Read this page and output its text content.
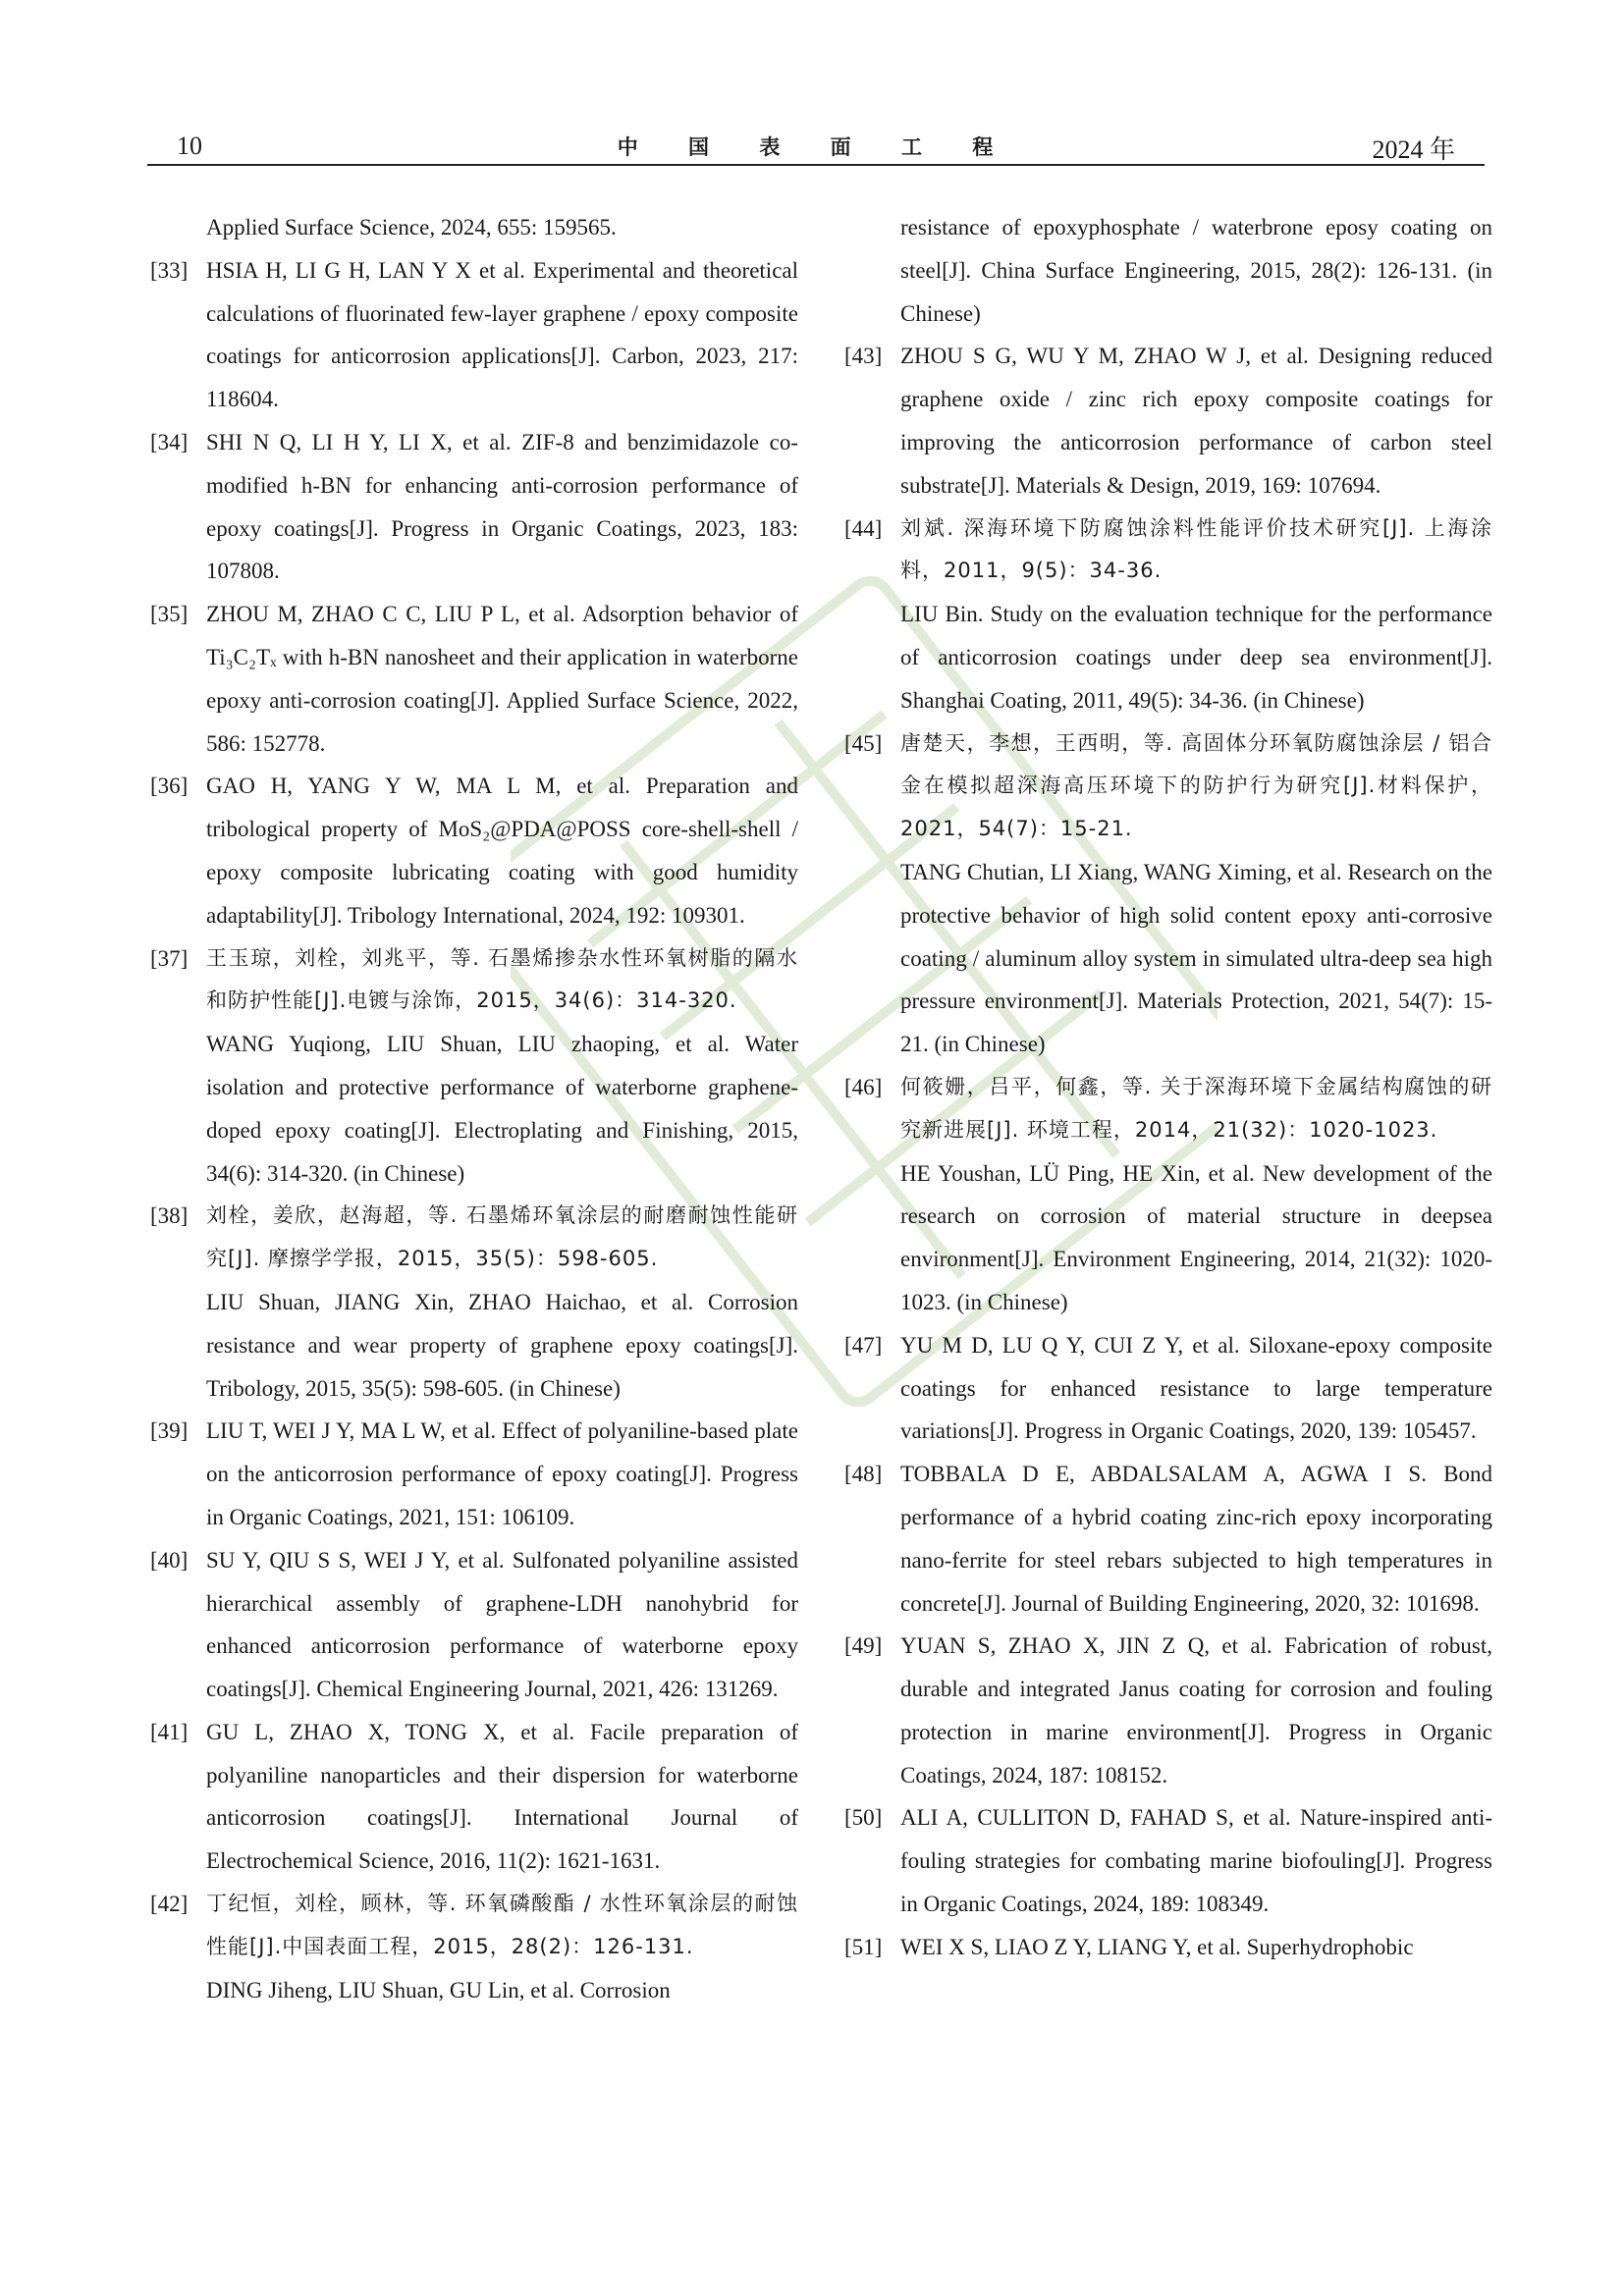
10	中 国 表 面 工 程	2024 年
Applied Surface Science, 2024, 655: 159565.
[33] HSIA H, LI G H, LAN Y X et al. Experimental and theoretical calculations of fluorinated few-layer graphene / epoxy composite coatings for anticorrosion applications[J]. Carbon, 2023, 217: 118604.
[34] SHI N Q, LI H Y, LI X, et al. ZIF-8 and benzimidazole co-modified h-BN for enhancing anti-corrosion performance of epoxy coatings[J]. Progress in Organic Coatings, 2023, 183: 107808.
[35] ZHOU M, ZHAO C C, LIU P L, et al. Adsorption behavior of Ti₃C₂Tₓ with h-BN nanosheet and their application in waterborne epoxy anti-corrosion coating[J]. Applied Surface Science, 2022, 586: 152778.
[36] GAO H, YANG Y W, MA L M, et al. Preparation and tribological property of MoS₂@PDA@POSS core-shell-shell / epoxy composite lubricating coating with good humidity adaptability[J]. Tribology International, 2024, 192: 109301.
[37] 王玉琼，刘栓，刘兆平，等. 石墨烯掺杂水性环氧树脂的隔水和防护性能[J].电镀与涂饰，2015，34(6)：314-320.
WANG Yuqiong, LIU Shuan, LIU zhaoping, et al. Water isolation and protective performance of waterborne graphene-doped epoxy coating[J]. Electroplating and Finishing, 2015, 34(6): 314-320. (in Chinese)
[38] 刘栓，姜欣，赵海超，等. 石墨烯环氧涂层的耐磨耐蚀性能研究[J]. 摩擦学学报，2015，35(5)：598-605.
LIU Shuan, JIANG Xin, ZHAO Haichao, et al. Corrosion resistance and wear property of graphene epoxy coatings[J]. Tribology, 2015, 35(5): 598-605. (in Chinese)
[39] LIU T, WEI J Y, MA L W, et al. Effect of polyaniline-based plate on the anticorrosion performance of epoxy coating[J]. Progress in Organic Coatings, 2021, 151: 106109.
[40] SU Y, QIU S S, WEI J Y, et al. Sulfonated polyaniline assisted hierarchical assembly of graphene-LDH nanohybrid for enhanced anticorrosion performance of waterborne epoxy coatings[J]. Chemical Engineering Journal, 2021, 426: 131269.
[41] GU L, ZHAO X, TONG X, et al. Facile preparation of polyaniline nanoparticles and their dispersion for waterborne anticorrosion coatings[J]. International Journal of Electrochemical Science, 2016, 11(2): 1621-1631.
[42] 丁纪恒，刘栓，顾林，等. 环氧磷酸酯 / 水性环氧涂层的耐蚀性能[J].中国表面工程，2015，28(2)：126-131.
DING Jiheng, LIU Shuan, GU Lin, et al. Corrosion
resistance of epoxyphosphate / waterbrone eposy coating on steel[J]. China Surface Engineering, 2015, 28(2): 126-131. (in Chinese)
[43] ZHOU S G, WU Y M, ZHAO W J, et al. Designing reduced graphene oxide / zinc rich epoxy composite coatings for improving the anticorrosion performance of carbon steel substrate[J]. Materials & Design, 2019, 169: 107694.
[44] 刘斌. 深海环境下防腐蚀涂料性能评价技术研究[J]. 上海涂料，2011，9(5)：34-36.
LIU Bin. Study on the evaluation technique for the performance of anticorrosion coatings under deep sea environment[J]. Shanghai Coating, 2011, 49(5): 34-36. (in Chinese)
[45] 唐楚天，李想，王西明，等. 高固体分环氧防腐蚀涂层 / 铝合金在模拟超深海高压环境下的防护行为研究[J].材料保护，2021，54(7)：15-21.
TANG Chutian, LI Xiang, WANG Ximing, et al. Research on the protective behavior of high solid content epoxy anti-corrosive coating / aluminum alloy system in simulated ultra-deep sea high pressure environment[J]. Materials Protection, 2021, 54(7): 15-21. (in Chinese)
[46] 何筱姗，吕平，何鑫，等. 关于深海环境下金属结构腐蚀的研究新进展[J]. 环境工程，2014，21(32)：1020-1023.
HE Youshan, LÜ Ping, HE Xin, et al. New development of the research on corrosion of material structure in deepsea environment[J]. Environment Engineering, 2014, 21(32): 1020-1023. (in Chinese)
[47] YU M D, LU Q Y, CUI Z Y, et al. Siloxane-epoxy composite coatings for enhanced resistance to large temperature variations[J]. Progress in Organic Coatings, 2020, 139: 105457.
[48] TOBBALA D E, ABDALSALAM A, AGWA I S. Bond performance of a hybrid coating zinc-rich epoxy incorporating nano-ferrite for steel rebars subjected to high temperatures in concrete[J]. Journal of Building Engineering, 2020, 32: 101698.
[49] YUAN S, ZHAO X, JIN Z Q, et al. Fabrication of robust, durable and integrated Janus coating for corrosion and fouling protection in marine environment[J]. Progress in Organic Coatings, 2024, 187: 108152.
[50] ALI A, CULLITON D, FAHAD S, et al. Nature-inspired anti-fouling strategies for combating marine biofouling[J]. Progress in Organic Coatings, 2024, 189: 108349.
[51] WEI X S, LIAO Z Y, LIANG Y, et al. Superhydrophobic
